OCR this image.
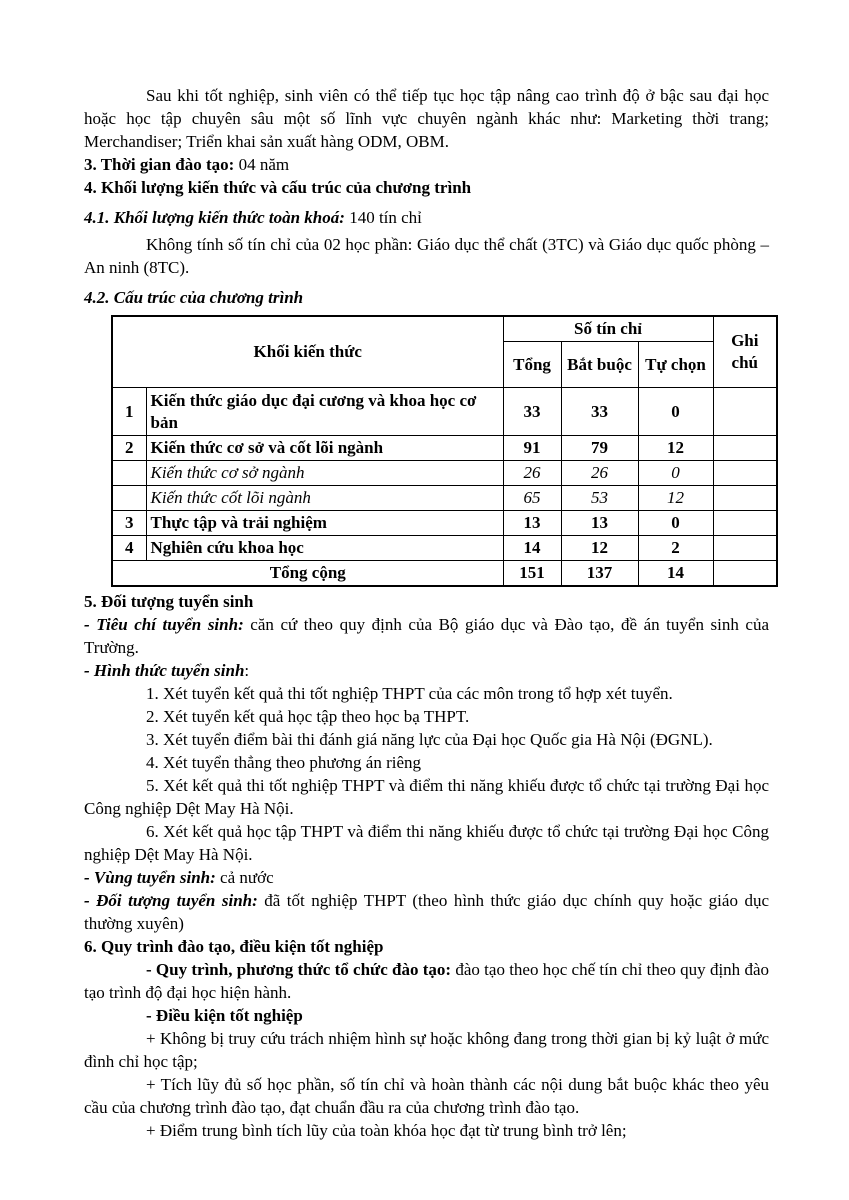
Sau khi tốt nghiệp, sinh viên có thể tiếp tục học tập nâng cao trình độ ở bậc sau đại học hoặc học tập chuyên sâu một số lĩnh vực chuyên ngành khác như: Marketing thời trang; Merchandiser; Triển khai sản xuất hàng ODM, OBM.

3. Thời gian đào tạo: 04 năm

4. Khối lượng kiến thức và cấu trúc của chương trình

4.1. Khối lượng kiến thức toàn khoá: 140 tín chỉ

Không tính số tín chỉ của 02 học phần: Giáo dục thể chất (3TC) và Giáo dục quốc phòng – An ninh (8TC).

4.2. Cấu trúc của chương trình

Khối kiến thức		Số tín chỉ			Ghi chú
		Tổng	Bắt buộc	Tự chọn	
1	Kiến thức giáo dục đại cương và khoa học cơ bản	33	33	0	
2	Kiến thức cơ sở và cốt lõi ngành	91	79	12	
	Kiến thức cơ sở ngành	26	26	0	
	Kiến thức cốt lõi ngành	65	53	12	
3	Thực tập và trải nghiệm	13	13	0	
4	Nghiên cứu khoa học	14	12	2	
Tổng cộng		151	137	14	

5. Đối tượng tuyển sinh

- Tiêu chí tuyển sinh: căn cứ theo quy định của Bộ giáo dục và Đào tạo, đề án tuyển sinh của Trường.

- Hình thức tuyển sinh:

1. Xét tuyển kết quả thi tốt nghiệp THPT của các môn trong tổ hợp xét tuyển.

2. Xét tuyển kết quả học tập theo học bạ THPT.

3. Xét tuyển điểm bài thi đánh giá năng lực của Đại học Quốc gia Hà Nội (ĐGNL).

4. Xét tuyển thẳng theo phương án riêng

5. Xét kết quả thi tốt nghiệp THPT và điểm thi năng khiếu được tổ chức tại trường Đại học Công nghiệp Dệt May Hà Nội.

6. Xét kết quả học tập THPT và điểm thi năng khiếu được tổ chức tại trường Đại học Công nghiệp Dệt May Hà Nội.

- Vùng tuyển sinh: cả nước

- Đối tượng tuyển sinh: đã tốt nghiệp THPT (theo hình thức giáo dục chính quy hoặc giáo dục thường xuyên)

6. Quy trình đào tạo, điều kiện tốt nghiệp

- Quy trình, phương thức tổ chức đào tạo: đào tạo theo học chế tín chỉ theo quy định đào tạo trình độ đại học hiện hành.

- Điều kiện tốt nghiệp

+ Không bị truy cứu trách nhiệm hình sự hoặc không đang trong thời gian bị kỷ luật ở mức đình chỉ học tập;

+ Tích lũy đủ số học phần, số tín chỉ và hoàn thành các nội dung bắt buộc khác theo yêu cầu của chương trình đào tạo, đạt chuẩn đầu ra của chương trình đào tạo.

+ Điểm trung bình tích lũy của toàn khóa học đạt từ trung bình trở lên;
